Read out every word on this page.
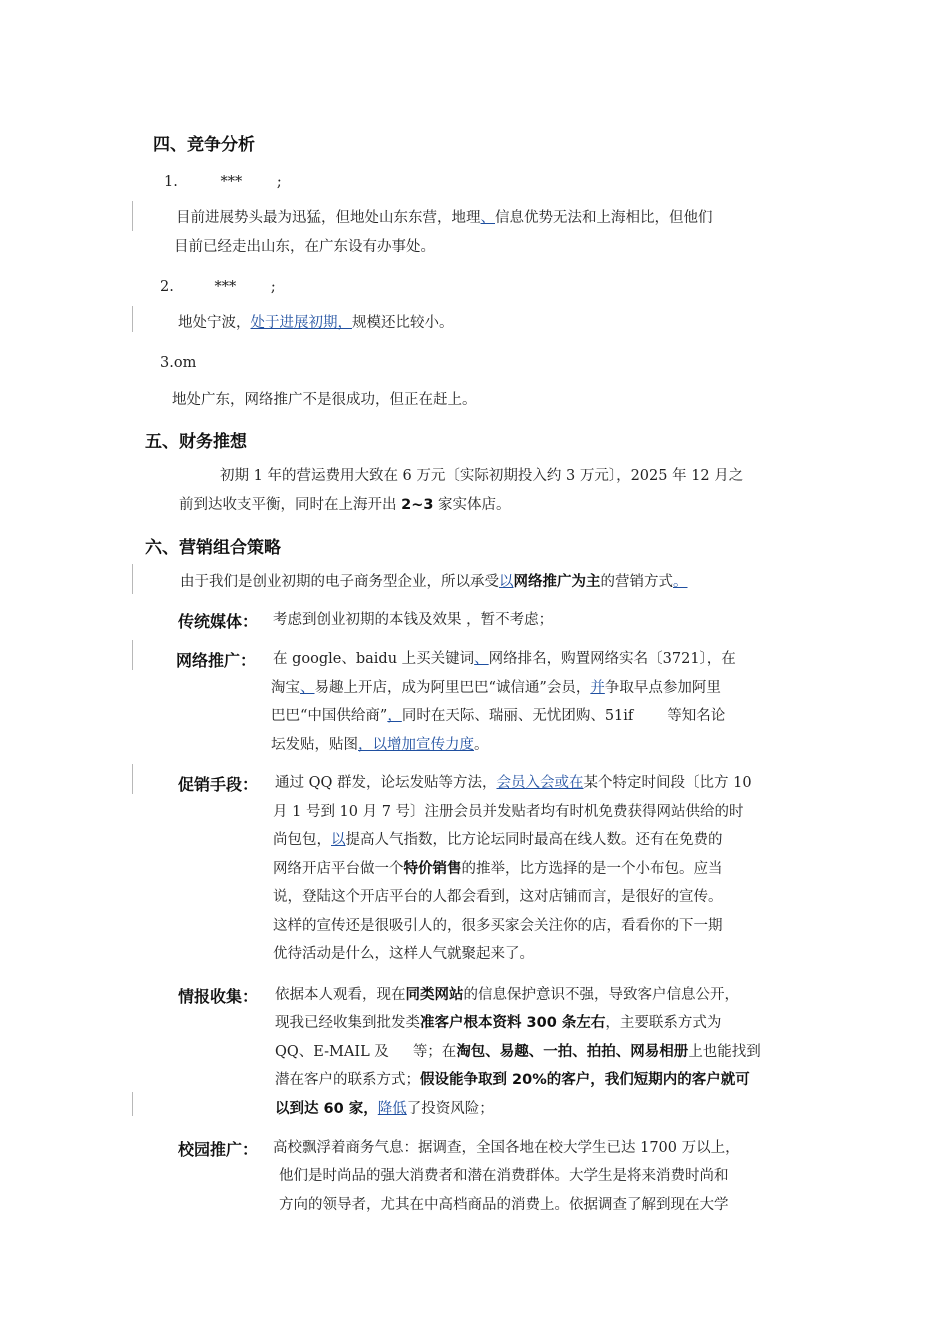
四、竞争分析
1.	*** ;
目前进展势头最为迅猛，但地处山东东营，地理、信息优势无法和上海相比，但他们
目前已经走出山东，在广东设有办事处。
2.	*** ;
地处宁波，处于进展初期，规模还比较小。
3.om
地处广东，网络推广不是很成功，但正在赶上。
五、财务推想
初期 1 年的营运费用大致在 6 万元〔实际初期投入约 3 万元〕，2025 年 12 月之
前到达收支平衡，同时在上海开出 2~3 家实体店。
六、营销组合策略
由于我们是创业初期的电子商务型企业，所以承受以网络推广为主的营销方式。
传统媒体： 考虑到创业初期的本钱及效果 ，暂不考虑；
网络推广： 在 google、baidu 上买关键词、网络排名，购置网络实名〔3721〕，在
淘宝、易趣上开店，成为阿里巴巴“诚信通”会员，并争取早点参加阿里
巴巴“中国供给商”，同时在天际、瑞丽、无忧团购、51if 等知名论
坛发贴，贴图，以增加宣传力度。
促销手段： 通过 QQ 群发，论坛发贴等方法，会员入会或在某个特定时间段〔比方 10
月 1 号到 10 月 7 号〕注册会员并发贴者均有时机免费获得网站供给的时
尚包包，以提高人气指数，比方论坛同时最高在线人数。还有在免费的
网络开店平台做一个特价销售的推举，比方选择的是一个小布包。应当
说，登陆这个开店平台的人都会看到，这对店铺而言，是很好的宣传。
这样的宣传还是很吸引人的，很多买家会关注你的店，看看你的下一期
优待活动是什么，这样人气就聚起来了。
情报收集： 依据本人观看，现在同类网站的信息保护意识不强，导致客户信息公开，
现我已经收集到批发类准客户根本资料 300 条左右，主要联系方式为
QQ、E-MAIL 及 等；在淘包、易趣、一拍、拍拍、网易相册上也能找到
潜在客户的联系方式；假设能争取到 20%的客户，我们短期内的客户就可
以到达 60 家，降低了投资风险；
校园推广： 高校飘浮着商务气息：据调查，全国各地在校大学生已达 1700 万以上，
他们是时尚品的强大消费者和潜在消费群体。大学生是将来消费时尚和
方向的领导者，尤其在中高档商品的消费上。依据调查了解到现在大学
